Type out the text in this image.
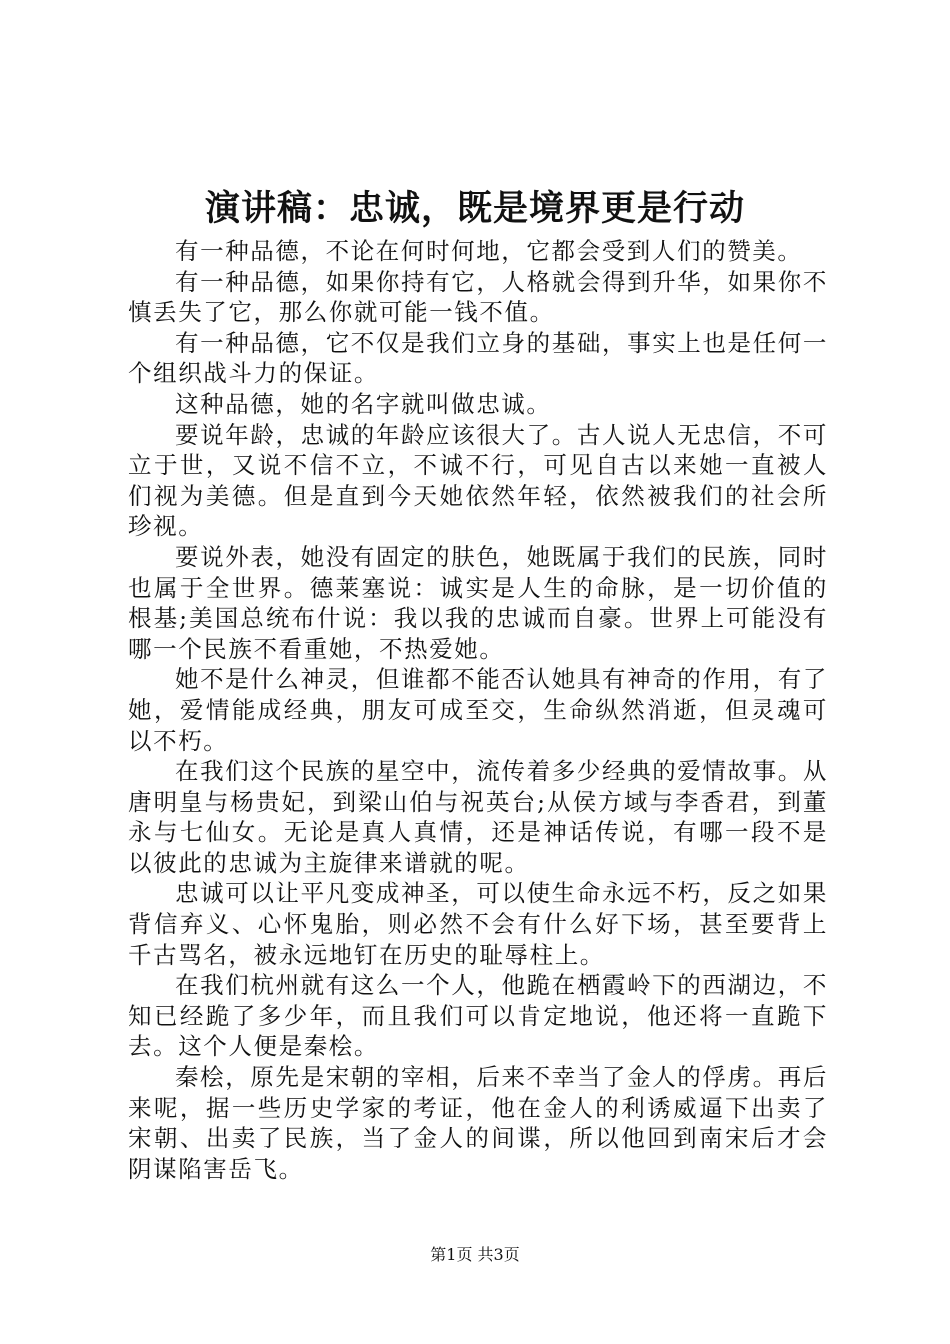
演讲稿：忠诚，既是境界更是行动

有一种品德，不论在何时何地，它都会受到人们的赞美。

有一种品德，如果你持有它，人格就会得到升华，如果你不慎丢失了它，那么你就可能一钱不值。

有一种品德，它不仅是我们立身的基础，事实上也是任何一个组织战斗力的保证。

这种品德，她的名字就叫做忠诚。

要说年龄，忠诚的年龄应该很大了。古人说人无忠信，不可立于世，又说不信不立，不诚不行，可见自古以来她一直被人们视为美德。但是直到今天她依然年轻，依然被我们的社会所珍视。

要说外表，她没有固定的肤色，她既属于我们的民族，同时也属于全世界。德莱塞说：诚实是人生的命脉，是一切价值的根基;美国总统布什说：我以我的忠诚而自豪。世界上可能没有哪一个民族不看重她，不热爱她。

她不是什么神灵，但谁都不能否认她具有神奇的作用，有了她，爱情能成经典，朋友可成至交，生命纵然消逝，但灵魂可以不朽。

在我们这个民族的星空中，流传着多少经典的爱情故事。从唐明皇与杨贵妃，到梁山伯与祝英台;从侯方域与李香君，到董永与七仙女。无论是真人真情，还是神话传说，有哪一段不是以彼此的忠诚为主旋律来谱就的呢。

忠诚可以让平凡变成神圣，可以使生命永远不朽，反之如果背信弃义、心怀鬼胎，则必然不会有什么好下场，甚至要背上千古骂名，被永远地钉在历史的耻辱柱上。

在我们杭州就有这么一个人，他跪在栖霞岭下的西湖边，不知已经跪了多少年，而且我们可以肯定地说，他还将一直跪下去。这个人便是秦桧。

秦桧，原先是宋朝的宰相，后来不幸当了金人的俘虏。再后来呢，据一些历史学家的考证，他在金人的利诱威逼下出卖了宋朝、出卖了民族，当了金人的间谍，所以他回到南宋后才会阴谋陷害岳飞。

第1页 共3页
